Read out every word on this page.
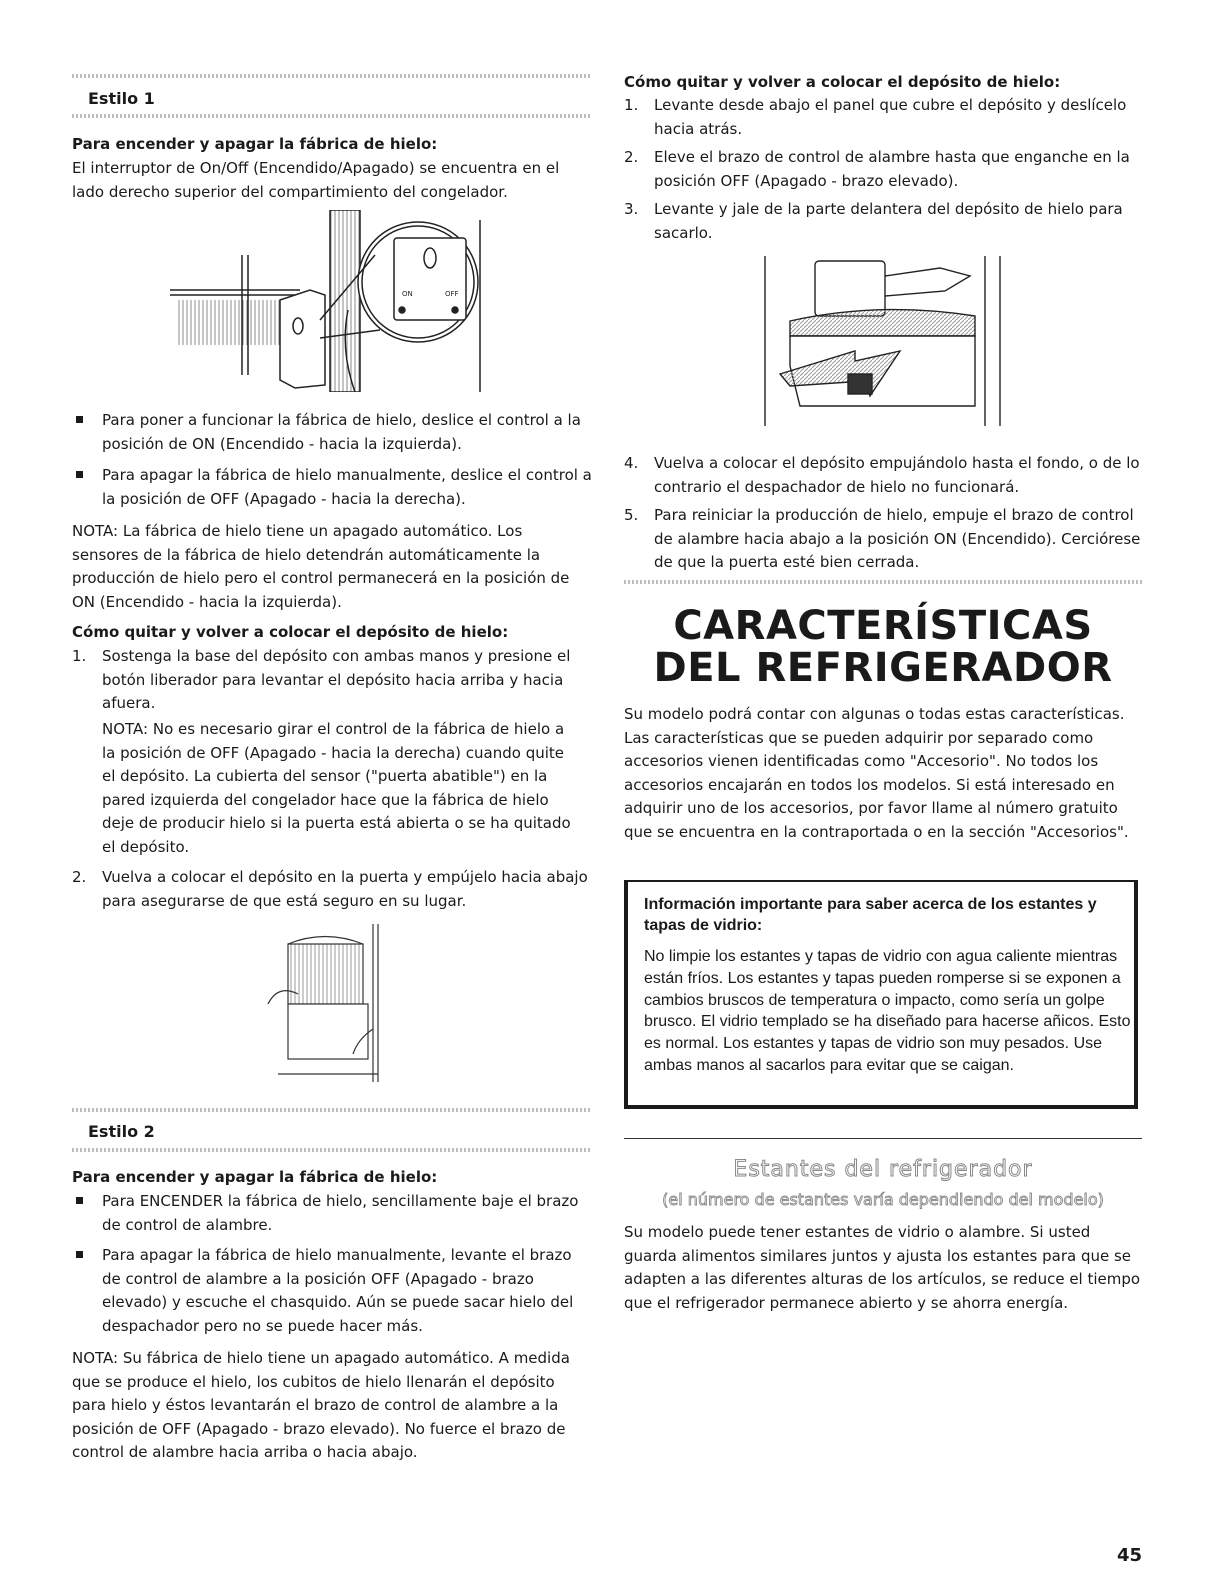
Estilo 1
Para encender y apagar la fábrica de hielo:
El interruptor de On/Off (Encendido/Apagado) se encuentra en el lado derecho superior del compartimiento del congelador.
ON	OFF
Para poner a funcionar la fábrica de hielo, deslice el control a la posición de ON (Encendido - hacia la izquierda).
Para apagar la fábrica de hielo manualmente, deslice el control a la posición de OFF (Apagado - hacia la derecha).
NOTA: La fábrica de hielo tiene un apagado automático. Los sensores de la fábrica de hielo detendrán automáticamente la producción de hielo pero el control permanecerá en la posición de ON (Encendido - hacia la izquierda).
Cómo quitar y volver a colocar el depósito de hielo:
1. Sostenga la base del depósito con ambas manos y presione el botón liberador para levantar el depósito hacia arriba y hacia afuera.
NOTA: No es necesario girar el control de la fábrica de hielo a la posición de OFF (Apagado - hacia la derecha) cuando quite el depósito. La cubierta del sensor ("puerta abatible") en la pared izquierda del congelador hace que la fábrica de hielo deje de producir hielo si la puerta está abierta o se ha quitado el depósito.
2. Vuelva a colocar el depósito en la puerta y empújelo hacia abajo para asegurarse de que está seguro en su lugar.
Estilo 2
Para encender y apagar la fábrica de hielo:
Para ENCENDER la fábrica de hielo, sencillamente baje el brazo de control de alambre.
Para apagar la fábrica de hielo manualmente, levante el brazo de control de alambre a la posición OFF (Apagado - brazo elevado) y escuche el chasquido. Aún se puede sacar hielo del despachador pero no se puede hacer más.
NOTA: Su fábrica de hielo tiene un apagado automático. A medida que se produce el hielo, los cubitos de hielo llenarán el depósito para hielo y éstos levantarán el brazo de control de alambre a la posición de OFF (Apagado - brazo elevado). No fuerce el brazo de control de alambre hacia arriba o hacia abajo.
Cómo quitar y volver a colocar el depósito de hielo:
1. Levante desde abajo el panel que cubre el depósito y deslícelo hacia atrás.
2. Eleve el brazo de control de alambre hasta que enganche en la posición OFF (Apagado - brazo elevado).
3. Levante y jale de la parte delantera del depósito de hielo para sacarlo.
4. Vuelva a colocar el depósito empujándolo hasta el fondo, o de lo contrario el despachador de hielo no funcionará.
5. Para reiniciar la producción de hielo, empuje el brazo de control de alambre hacia abajo a la posición ON (Encendido). Cerciórese de que la puerta esté bien cerrada.
CARACTERÍSTICAS
DEL REFRIGERADOR
Su modelo podrá contar con algunas o todas estas características. Las características que se pueden adquirir por separado como accesorios vienen identificadas como "Accesorio". No todos los accesorios encajarán en todos los modelos. Si está interesado en adquirir uno de los accesorios, por favor llame al número gratuito que se encuentra en la contraportada o en la sección "Accesorios".
Información importante para saber acerca de los estantes y tapas de vidrio:
No limpie los estantes y tapas de vidrio con agua caliente mientras están fríos. Los estantes y tapas pueden romperse si se exponen a cambios bruscos de temperatura o impacto, como sería un golpe brusco. El vidrio templado se ha diseñado para hacerse añicos. Esto es normal. Los estantes y tapas de vidrio son muy pesados. Use ambas manos al sacarlos para evitar que se caigan.
Estantes del refrigerador
(el número de estantes varía dependiendo del modelo)
Su modelo puede tener estantes de vidrio o alambre. Si usted guarda alimentos similares juntos y ajusta los estantes para que se adapten a las diferentes alturas de los artículos, se reduce el tiempo que el refrigerador permanece abierto y se ahorra energía.
45
